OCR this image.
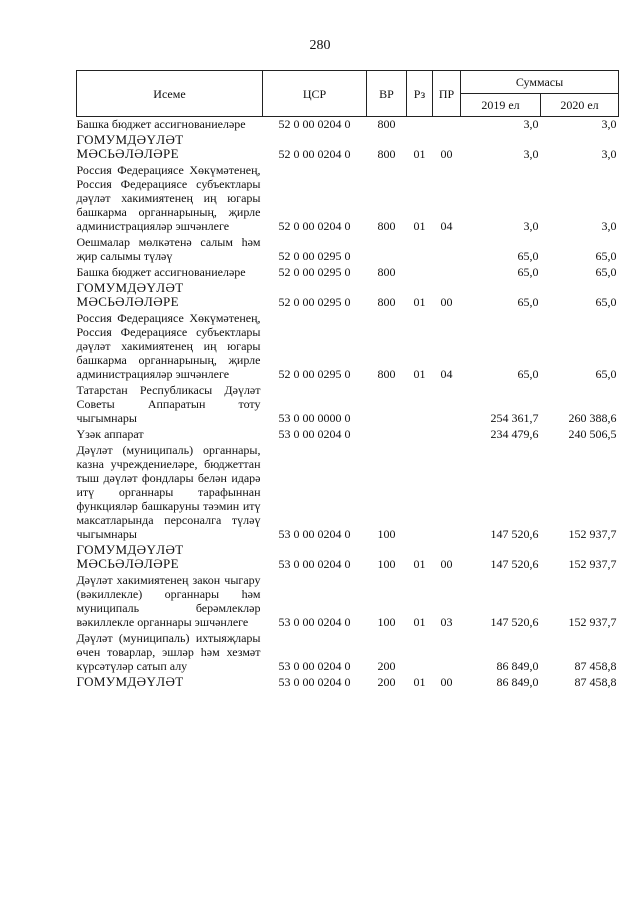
280
Исеме	ЦСР	ВР	Рз	ПР	Суммасы	
					2019 ел	2020 ел
Башка бюджет ассигнованиеләре	52 0 00 0204 0	800			3,0	3,0
ГОМУМДӘҮЛӘТ МӘСЬӘЛӘЛӘРЕ	52 0 00 0204 0	800	01	00	3,0	3,0
Россия Федерациясе Хөкүмәтенең, Россия Федерациясе субъектлары дәүләт хакимиятенең иң югары башкарма органнарының, җирле администрацияләр эшчәнлеге	52 0 00 0204 0	800	01	04	3,0	3,0
Оешмалар мөлкәтенә салым һәм җир салымы түләү	52 0 00 0295 0				65,0	65,0
Башка бюджет ассигнованиеләре	52 0 00 0295 0	800			65,0	65,0
ГОМУМДӘҮЛӘТ МӘСЬӘЛӘЛӘРЕ	52 0 00 0295 0	800	01	00	65,0	65,0
Россия Федерациясе Хөкүмәтенең, Россия Федерациясе субъектлары дәүләт хакимиятенең иң югары башкарма органнарының, җирле администрацияләр эшчәнлеге	52 0 00 0295 0	800	01	04	65,0	65,0
Татарстан Республикасы Дәүләт Советы Аппаратын тоту чыгымнары	53 0 00 0000 0				254 361,7	260 388,6
Үзәк аппарат	53 0 00 0204 0				234 479,6	240 506,5
Дәүләт (муниципаль) органнары, казна учреждениеләре, бюджеттан тыш дәүләт фондлары белән идарә итү органнары тарафыннан функцияләр башкаруны тәэмин итү максатларында персоналга түләү чыгымнары	53 0 00 0204 0	100			147 520,6	152 937,7
ГОМУМДӘҮЛӘТ МӘСЬӘЛӘЛӘРЕ	53 0 00 0204 0	100	01	00	147 520,6	152 937,7
Дәүләт хакимиятенең закон чыгару (вәкиллекле) органнары һәм муниципаль берәмлекләр вәкиллекле органнары эшчәнлеге	53 0 00 0204 0	100	01	03	147 520,6	152 937,7
Дәүләт (муниципаль) ихтыяҗлары өчен товарлар, эшләр һәм хезмәт күрсәтүләр сатып алу	53 0 00 0204 0	200			86 849,0	87 458,8
ГОМУМДӘҮЛӘТ	53 0 00 0204 0	200	01	00	86 849,0	87 458,8
